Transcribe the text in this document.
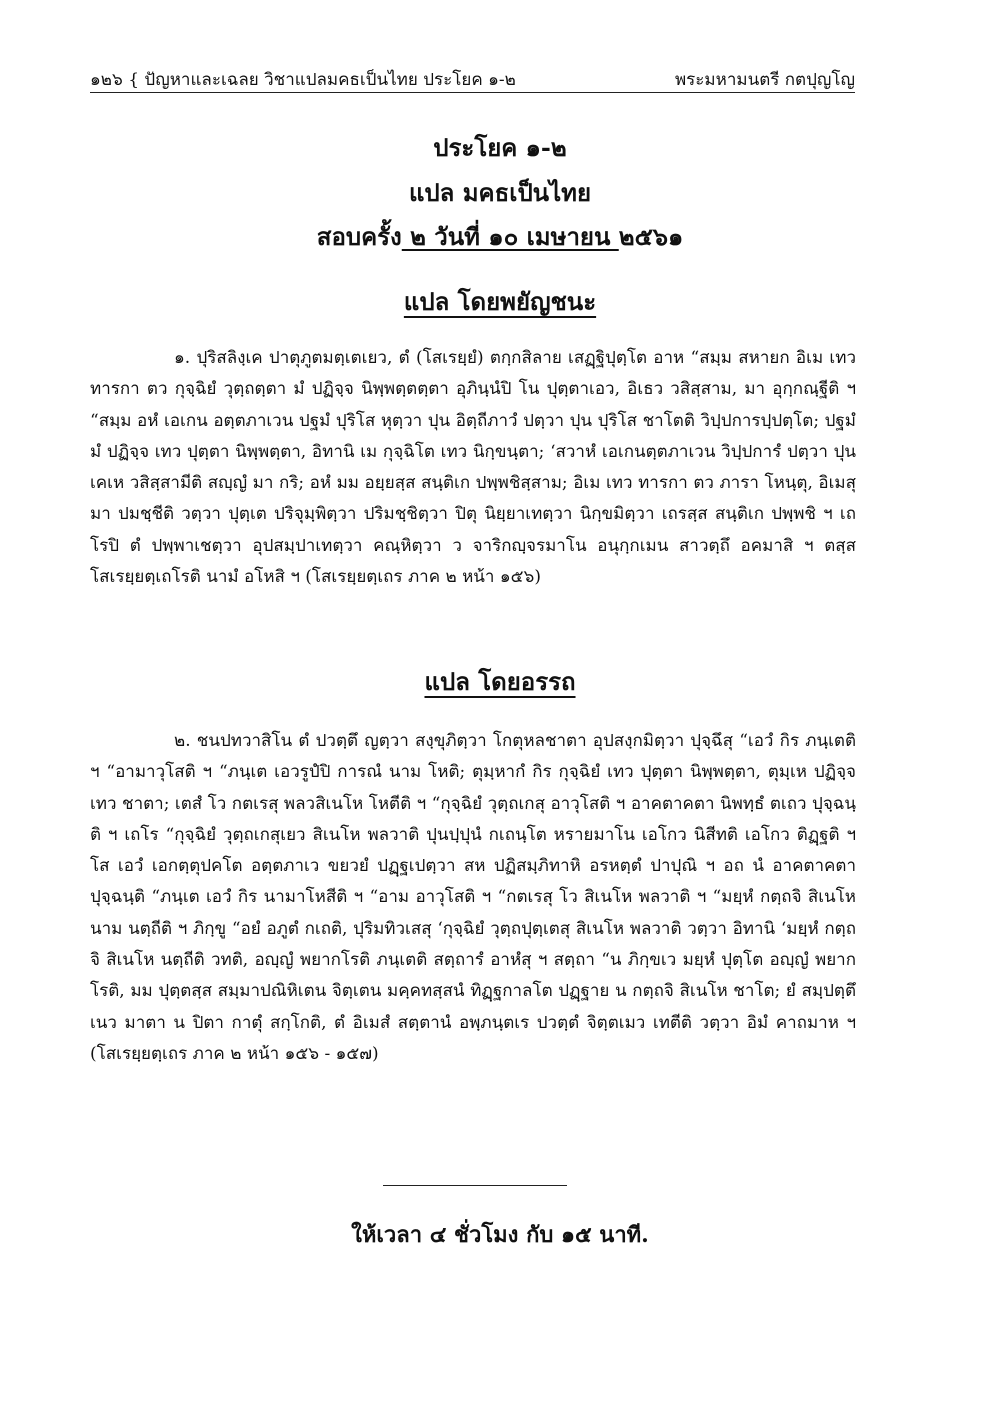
๑๒๖ { ปัญหาและเฉลย วิชาแปลมคธเป็นไทย ประโยค ๑-๒	พระมหามนตรี กตปุญโญ
ประโยค ๑-๒
แปล มคธเป็นไทย
สอบครั้ง ๒ วันที่ ๑๐ เมษายน ๒๕๖๑
แปล โดยพยัญชนะ
๑. ปุริสลิงฺเค ปาตุภูตมตฺเตเยว, ตํ (โสเรยฺยํ) ตกฺกสิลาย เสฏฺฐิปุตฺโต อาห “สมฺม สหายก อิเม เทว ทารกา ตว กุจฺฉิยํ วุตฺถตฺตา มํ ปฏิจฺจ นิพฺพตฺตตฺตา อุภินฺนํปิ โน ปุตฺตาเอว, อิเธว วสิสฺสาม, มา อุกฺกณฺฐีติ ฯ “สมฺม อหํ เอเกน อตฺตภาเวน ปฐมํ ปุริโส หุตฺวา ปุน อิตฺถีภาวํ ปตฺวา ปุน ปุริโส ชาโตติ วิปฺปการปฺปตฺโต; ปฐมํ มํ ปฏิจฺจ เทว ปุตฺตา นิพฺพตฺตา, อิทานิ เม กุจฺฉิโต เทว นิกฺขนฺตา; ‘สวาหํ เอเกนตฺตภาเวน วิปฺปการํ ปตฺวา ปุน เคเห วสิสฺสามีติ สญฺญํ มา กริ; อหํ มม อยฺยสฺส สนฺติเก ปพฺพชิสฺสาม; อิเม เทว ทารกา ตว ภารา โหนฺตุ, อิเมสุ มา ปมชฺชีติ วตฺวา ปุตฺเต ปริจุมฺพิตฺวา ปริมชฺชิตฺวา ปิตุ นิยฺยาเทตฺวา นิกฺขมิตฺวา เถรสฺส สนฺติเก ปพฺพชิ ฯ เถโรปิ ตํ ปพฺพาเชตฺวา อุปสมฺปาเทตฺวา คณฺหิตฺวา ว จาริกญฺจรมาโน อนุกฺกเมน สาวตฺถึ อคมาสิ ฯ ตสฺส โสเรยฺยตฺเถโรติ นามํ อโหสิ ฯ (โสเรยฺยตฺเถร ภาค ๒ หน้า ๑๕๖)
แปล โดยอรรถ
๒. ชนปทวาสิโน ตํ ปวตฺตึ ญตฺวา สงฺขุภิตฺวา โกตุหลชาตา อุปสงฺกมิตฺวา ปุจฺฉึสุ “เอวํ กิร ภนฺเตติ ฯ “อามาวุโสติ ฯ “ภนฺเต เอวรูปํปิ การณํ นาม โหติ; ตุมฺหากํ กิร กุจฺฉิยํ เทว ปุตฺตา นิพฺพตฺตา, ตุมฺเห ปฏิจฺจ เทว ชาตา; เตสํ โว กตเรสุ พลวสิเนโห โหตีติ ฯ “กุจฺฉิยํ วุตฺถเกสุ อาวุโสติ ฯ อาคตาคตา นิพทฺธํ ตเถว ปุจฺฉนฺติ ฯ เถโร “กุจฺฉิยํ วุตฺถเกสุเยว สิเนโห พลวาติ ปุนปฺปุนํ กเถนฺโต หรายมาโน เอโกว นิสีทติ เอโกว ติฏฺฐติ ฯ โส เอวํ เอกตฺตุปคโต อตฺตภาเว ขยวยํ ปฏฺฐเปตฺวา สห ปฏิสมฺภิทาหิ อรหตฺตํ ปาปุณิ ฯ อถ นํ อาคตาคตา ปุจฺฉนฺติ “ภนฺเต เอวํ กิร นามาโหสีติ ฯ “อาม อาวุโสติ ฯ “กตเรสุ โว สิเนโห พลวาติ ฯ “มยฺหํ กตฺถจิ สิเนโห นาม นตฺถีติ ฯ ภิกฺขู “อยํ อภูตํ กเถติ, ปุริมทิวเสสุ ‘กุจฺฉิยํ วุตฺถปุตฺเตสุ สิเนโห พลวาติ วตฺวา อิทานิ ‘มยฺหํ กตฺถจิ สิเนโห นตฺถีติ วทติ, อญฺญํ พยากโรติ ภนฺเตติ สตฺถารํ อาหํสุ ฯ สตฺถา “น ภิกฺขเว มยฺหํ ปุตฺโต อญฺญํ พยากโรติ, มม ปุตฺตสฺส สมฺมาปณิหิเตน จิตฺเตน มคฺคทสฺสนํ ทิฏฺฐกาลโต ปฏฺฐาย น กตฺถจิ สิเนโห ชาโต; ยํ สมฺปตฺตึ เนว มาตา น ปิตา กาตุํ สกฺโกติ, ตํ อิเมสํ สตฺตานํ อพฺภนฺตเร ปวตฺตํ จิตฺตเมว เทตีติ วตฺวา อิมํ คาถมาห ฯ (โสเรยฺยตฺเถร ภาค ๒ หน้า ๑๕๖ - ๑๕๗)
ให้เวลา ๔ ชั่วโมง กับ ๑๕ นาที.
